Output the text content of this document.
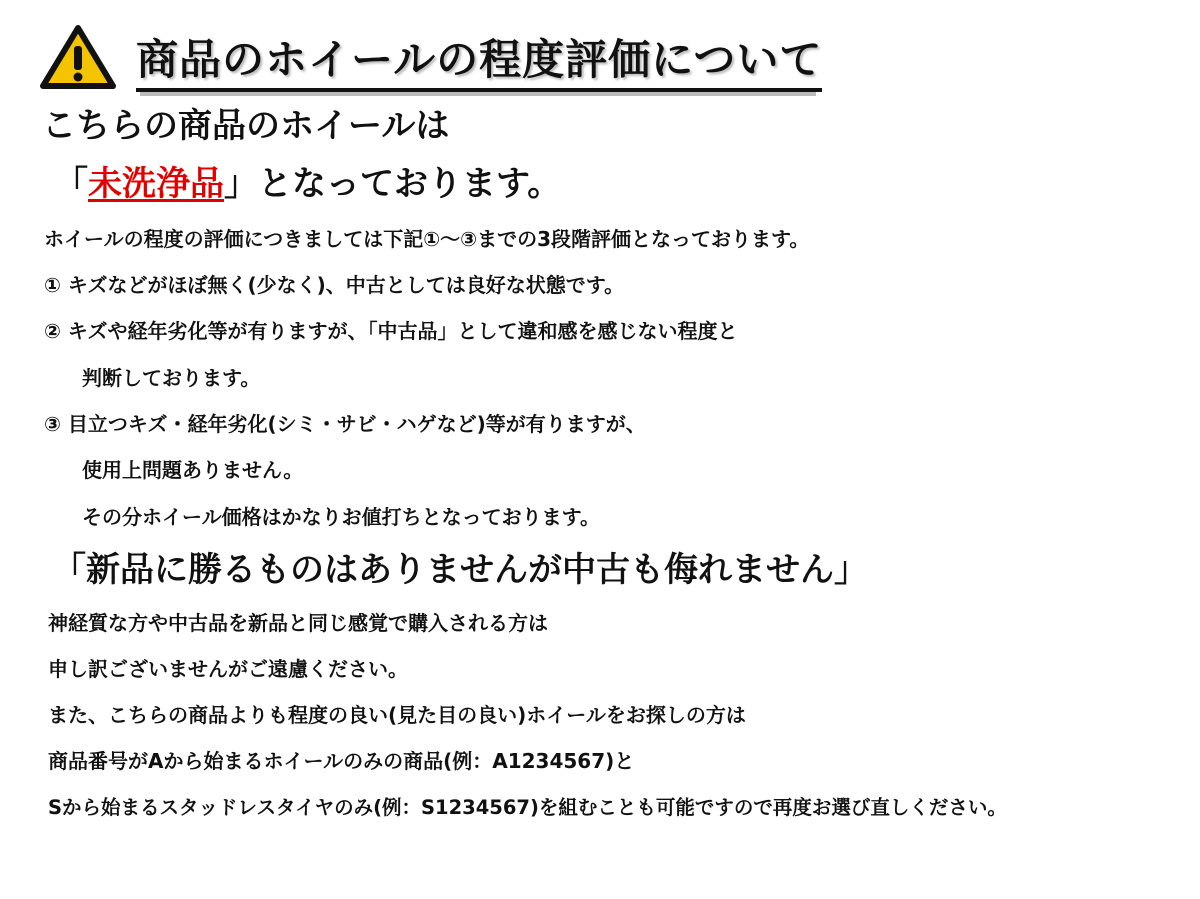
商品のホイールの程度評価について
こちらの商品のホイールは
「未洗浄品」となっております。
ホイールの程度の評価につきましては下記①～③までの3段階評価となっております。
① キズなどがほぼ無く(少なく)、中古としては良好な状態です。
② キズや経年劣化等が有りますが、「中古品」として違和感を感じない程度と
判断しております。
③ 目立つキズ・経年劣化(シミ・サビ・ハゲなど)等が有りますが、
使用上問題ありません。
その分ホイール価格はかなりお値打ちとなっております。
「新品に勝るものはありませんが中古も侮れません」
神経質な方や中古品を新品と同じ感覚で購入される方は
申し訳ございませんがご遠慮ください。
また、こちらの商品よりも程度の良い(見た目の良い)ホイールをお探しの方は
商品番号がAから始まるホイールのみの商品(例：A1234567)と
Sから始まるスタッドレスタイヤのみ(例：S1234567)を組むことも可能ですので再度お選び直しください。
